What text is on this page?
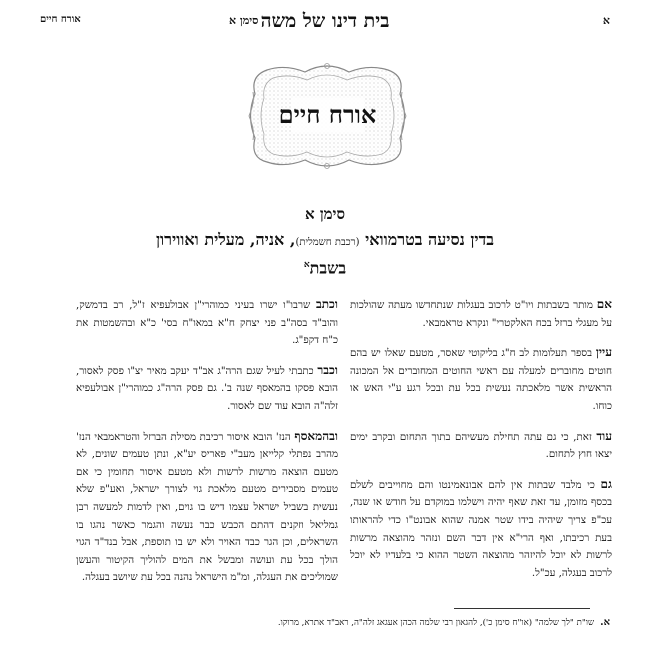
א
בית דינו של משה
סימן א
אורח חיים
אורח חיים
סימן א
בדין נסיעה בטרמוואי (רכבת חשמלית), אניה, מעלית ואווירון
בשבת$^א$

אם מותר בשבתות ויו"ט לרכוב בעגלות שנתחדשו מעתה שהולכות על מעגלי ברזל בכח האלקטרי" ונקרא טראמבאי.

עיין בספר תעלומות לב ח"ג בליקוטי שאסר, מטעם שאלו יש בהם חוטים מחוברים למעלה עם ראשי החוטים המחוברים אל המכונה הראשית אשר מלאכתה נעשית בכל עת ובכל רגע ע"י האש או כוחו.

עוד זאת, כי גם עתה תחילת מעשיהם בתוך התחום ובקרב ימים יצאו חוץ לתחום.

גם כי מלבד שבתות אין להם אבונאמינטו והם מחוייבים לשלם בכסף מזומן, עד זאת שאף יהיה וישלמו במוקדם על חודש או שנה, עכ"פ צריך שיהיה בידו שטר אמנה שהוא אבונט"ו כדי להראותו בעת רכיבתו, ואף הרי"א אין דבר השם ונזהר מהוצאה מרשות לרשות לא יוכל להיזהר מהוצאה השטר ההוא כי בלעדיו לא יוכל לרכוב בעגלה, עכ"ל.

וכתב שרבו"ו ישרו בעיני כמוהרי"ן אבולעפיא ז"ל, רב בדמשק, והוב"ד בסה"ב פני יצחק ח"א במאו"ח בסי' כ"א ובהשמטות את כ"ח דקפ"ג.

וכבר כתבתי לעיל שגם הרה"ג אב"ד יעקב מאיר יצ"ו פסק לאסור, הובא פסקו בהמאסף שנה ב'. גם פסק הרה"ג כמוהרי"ן אבולעפיא זלה"ה הובא עוד שם לאסור.

ובהמאסף הנז' הובא איסור רכיבת מסילת הברזל והטראמבאי הנז' מהרב נפתלי קלייאן מעב"י פאריס יע"א, ונתן טעמים שונים, לא מטעם הוצאה מרשות לרשות ולא מטעם איסור תחומין כי אם טעמים מסבירים מטעם מלאכת גוי לצורך ישראל, ואע"פ שלא נעשית בשביל ישראל עצמו דיש בו גוים, ואין לדמות למעשה רבן גמליאל וזקנים דהתם הכבש כבר נעשה והגמר כאשר נהגו בו השראלים, וכן הגר כבד האויר ולא יש בו תוספת, אבל בנד"ד הגוי הולך בכל עת ועושה ומבשל את המים להוליך הקיטור והעשן שמוליכים את העגלה, ומ"מ הישראל נהנה בכל עת שיושב בעגלה.

א.שו"ת "לך שלמה" (או"ח סימן כ'), להגאון רבי שלמה הכהן אעגאג זלה"ה, ראב"ד אתרא, מרוקו.
